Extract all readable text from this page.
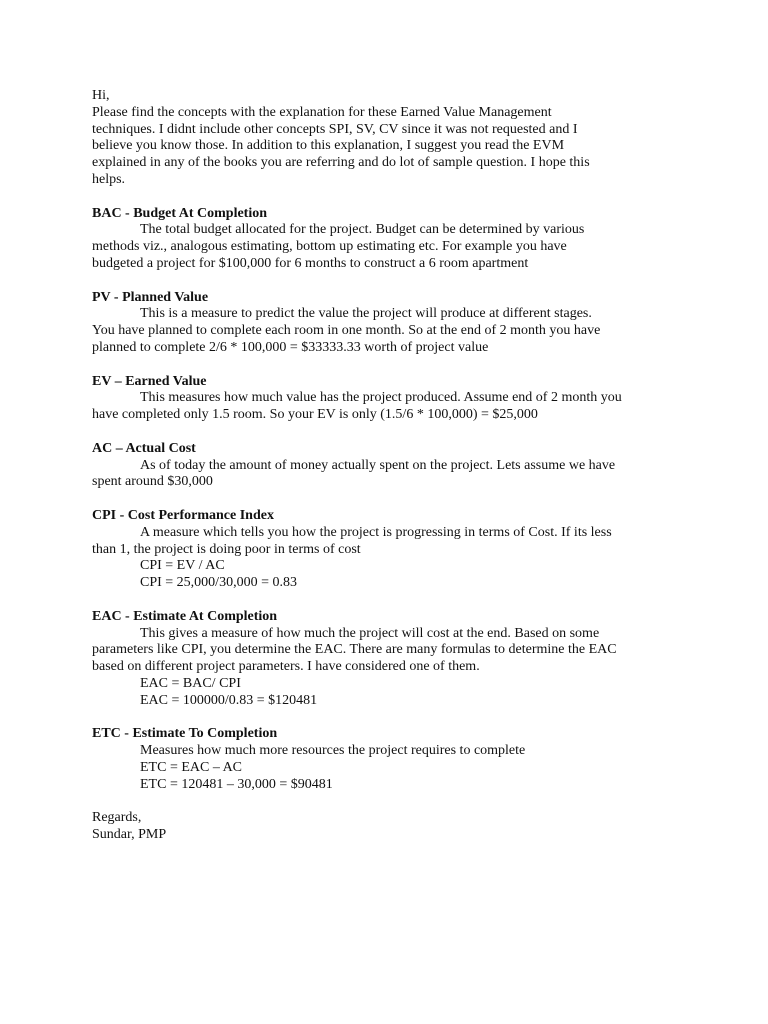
Hi,
Please find the concepts with the explanation for these Earned Value Management
techniques. I didnt include other concepts SPI, SV, CV since it was not requested and I
believe you know those. In addition to this explanation, I suggest you read the EVM
explained in any of the books you are referring and do lot of sample question. I hope this
helps.
BAC - Budget At Completion
The total budget allocated for the project. Budget can be determined by various
methods viz., analogous estimating, bottom up estimating etc. For example you have
budgeted a project for $100,000 for 6 months to construct a 6 room apartment
PV - Planned Value
This is a measure to predict the value the project will produce at different stages.
You have planned to complete each room in one month. So at the end of 2 month you have
planned to complete 2/6 * 100,000 = $33333.33 worth of project value
EV – Earned Value
This measures how much value has the project produced. Assume end of 2 month you
have completed only 1.5 room. So your EV is only (1.5/6 * 100,000) = $25,000
AC – Actual Cost
As of today the amount of money actually spent on the project. Lets assume we have
spent around $30,000
CPI - Cost Performance Index
A measure which tells you how the project is progressing in terms of Cost. If its less
than 1, the project is doing poor in terms of cost
CPI = EV / AC
CPI = 25,000/30,000 = 0.83
EAC - Estimate At Completion
This gives a measure of how much the project will cost at the end. Based on some
parameters like CPI, you determine the EAC. There are many formulas to determine the EAC
based on different project parameters. I have considered one of them.
EAC = BAC/ CPI
EAC = 100000/0.83 = $120481
ETC - Estimate To Completion
Measures how much more resources the project requires to complete
ETC = EAC – AC
ETC = 120481 – 30,000 = $90481
Regards,
Sundar, PMP
